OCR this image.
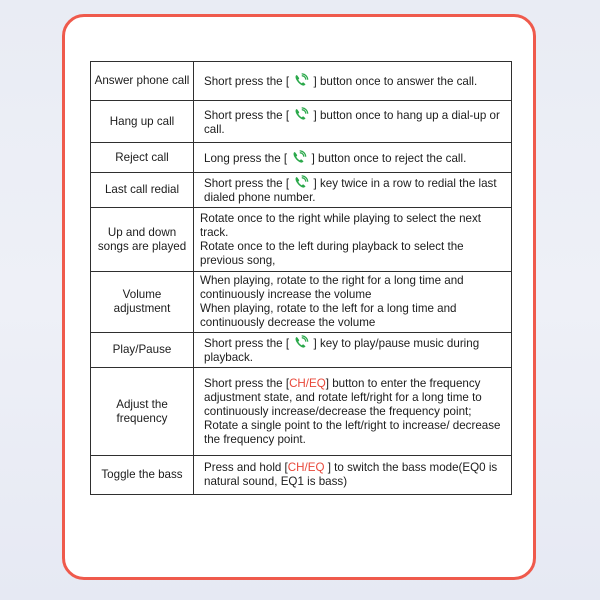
Answer phone call	Short press the [
] button once to answer the call.
Hang up call	Short press the [
] button once to hang up a dial-up or call.
Reject call	Long press the [
] button once to reject the call.
Last call redial	Short press the [
] key twice in a row to redial the last dialed phone number.
Up and down songs are played	Rotate once to the right while playing to select the next track.
Rotate once to the left during playback to select the previous song,

Volume adjustment	When playing, rotate to the right for a long time and continuously increase the volume
When playing, rotate to the left for a long time and continuously decrease the volume

Play/Pause	Short press the [
] key to play/pause music during playback.
Adjust the frequency	Short press the [CH/EQ] button to enter the frequency adjustment state, and rotate left/right for a long time to continuously increase/decrease the frequency point; Rotate a single point to the left/right to increase/ decrease the frequency point.
Toggle the bass	Press and hold [CH/EQ ] to switch the bass mode(EQ0 is natural sound, EQ1 is bass)
